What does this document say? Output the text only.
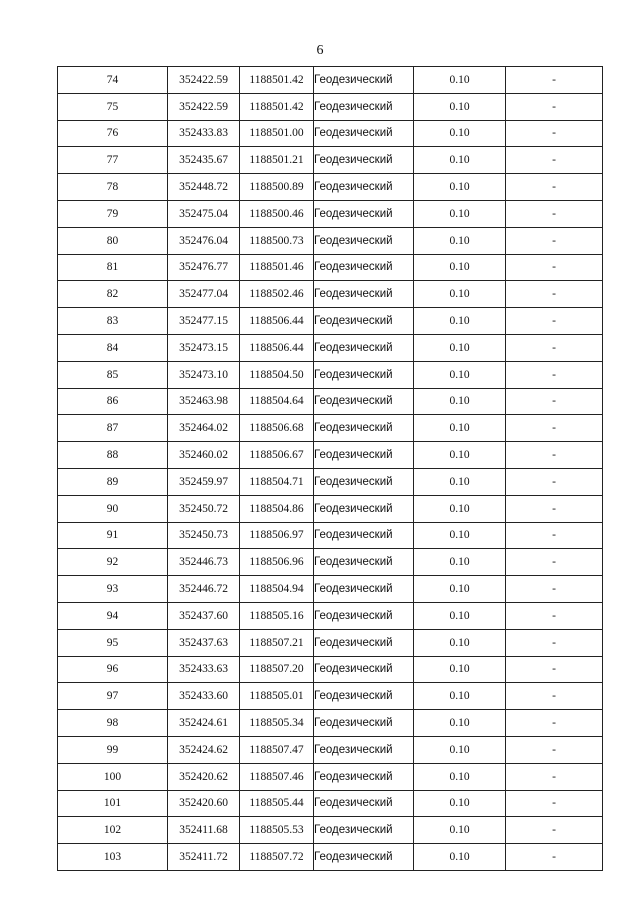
6
74	352422.59	1188501.42	Геодезический	0.10	-
75	352422.59	1188501.42	Геодезический	0.10	-
76	352433.83	1188501.00	Геодезический	0.10	-
77	352435.67	1188501.21	Геодезический	0.10	-
78	352448.72	1188500.89	Геодезический	0.10	-
79	352475.04	1188500.46	Геодезический	0.10	-
80	352476.04	1188500.73	Геодезический	0.10	-
81	352476.77	1188501.46	Геодезический	0.10	-
82	352477.04	1188502.46	Геодезический	0.10	-
83	352477.15	1188506.44	Геодезический	0.10	-
84	352473.15	1188506.44	Геодезический	0.10	-
85	352473.10	1188504.50	Геодезический	0.10	-
86	352463.98	1188504.64	Геодезический	0.10	-
87	352464.02	1188506.68	Геодезический	0.10	-
88	352460.02	1188506.67	Геодезический	0.10	-
89	352459.97	1188504.71	Геодезический	0.10	-
90	352450.72	1188504.86	Геодезический	0.10	-
91	352450.73	1188506.97	Геодезический	0.10	-
92	352446.73	1188506.96	Геодезический	0.10	-
93	352446.72	1188504.94	Геодезический	0.10	-
94	352437.60	1188505.16	Геодезический	0.10	-
95	352437.63	1188507.21	Геодезический	0.10	-
96	352433.63	1188507.20	Геодезический	0.10	-
97	352433.60	1188505.01	Геодезический	0.10	-
98	352424.61	1188505.34	Геодезический	0.10	-
99	352424.62	1188507.47	Геодезический	0.10	-
100	352420.62	1188507.46	Геодезический	0.10	-
101	352420.60	1188505.44	Геодезический	0.10	-
102	352411.68	1188505.53	Геодезический	0.10	-
103	352411.72	1188507.72	Геодезический	0.10	-
